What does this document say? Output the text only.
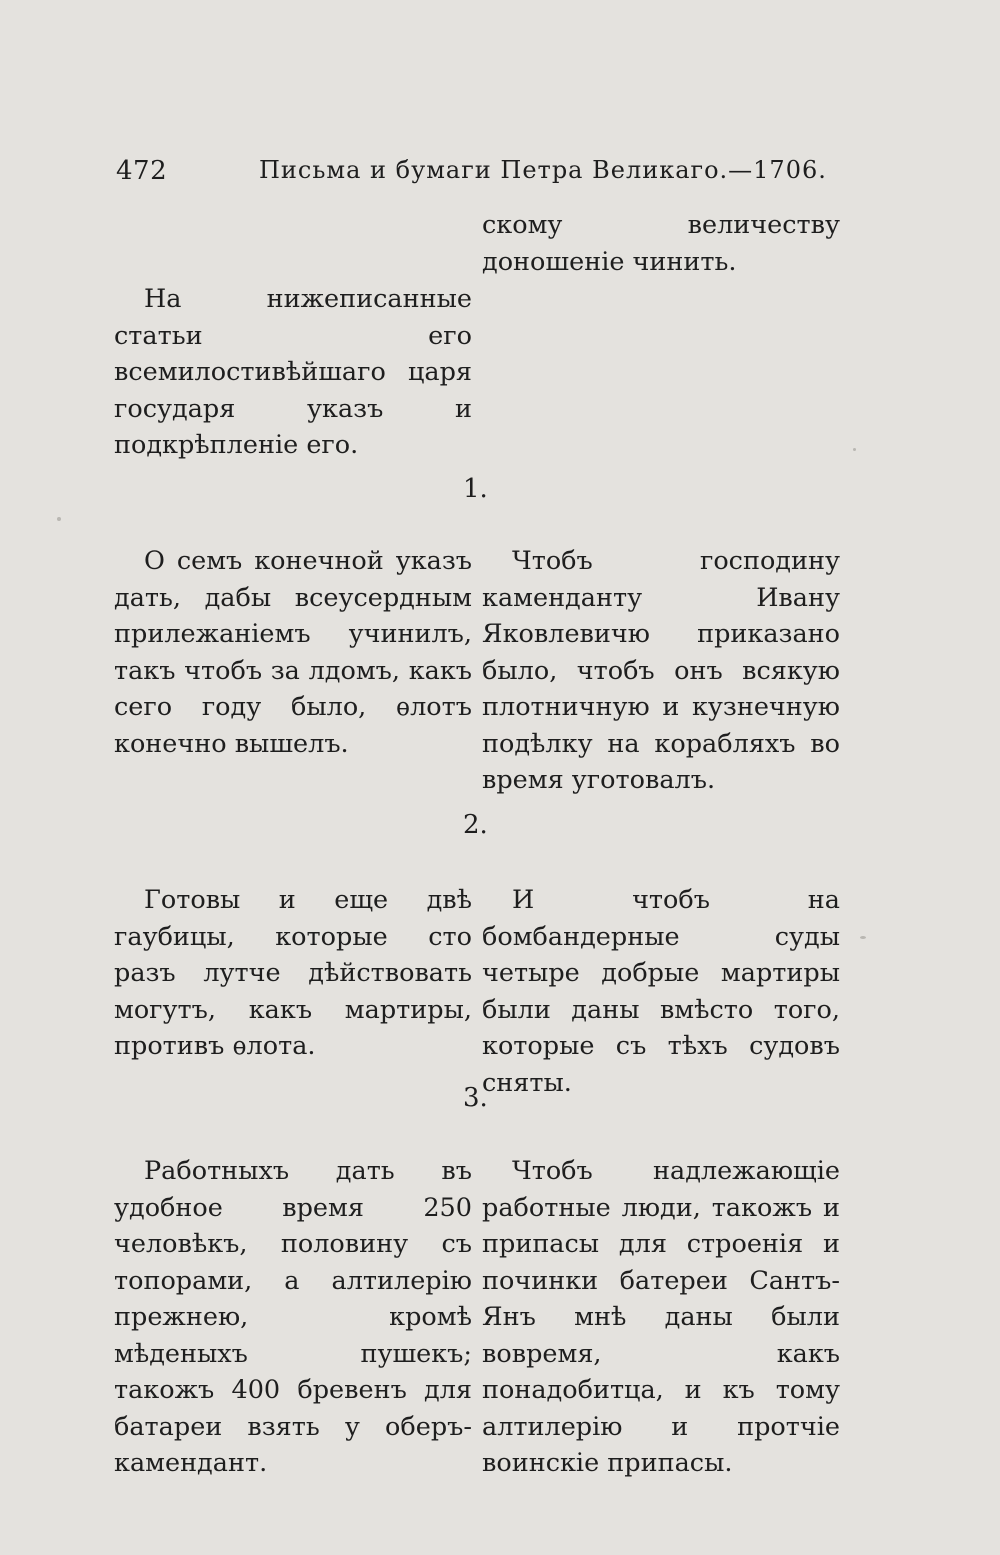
472	Письма и бумаги Петра Великаго.—1706.
скому величеству доношенiе чинить.
На нижеписанные статьи его всемилостивѣйшаго царя государя указъ и подкрѣпленiе его.
1.
О семъ конечной указъ дать, дабы всеусердным прилежанiемъ учинилъ, такъ чтобъ за лдомъ, какъ сего году было, ѳлотъ конечно вышелъ.
Чтобъ господину каменданту Ивану Яковлевичю приказано было, чтобъ онъ всякую плотничную и кузнечную подѣлку на корабляхъ во время уготовалъ.
2.
Готовы и еще двѣ гаубицы, которые сто разъ лутче дѣйствовать могутъ, какъ мартиры, противъ ѳлота.
И чтобъ на бомбандерные суды четыре добрые мартиры были даны вмѣсто того, которые съ тѣхъ судовъ сняты.
3.
Работныхъ дать въ удобное время 250 человѣкъ, половину съ топорами, а алтилерiю прежнею, кромѣ мѣденыхъ пушекъ; такожъ 400 бревенъ для батареи взять у оберъ-камендант.
Чтобъ надлежающiе работные люди, такожъ и припасы для строенiя и починки батереи Сантъ-Янъ мнѣ даны были вовремя, какъ понадобитца, и къ тому алтилерiю и протчiе воинскiе припасы.
